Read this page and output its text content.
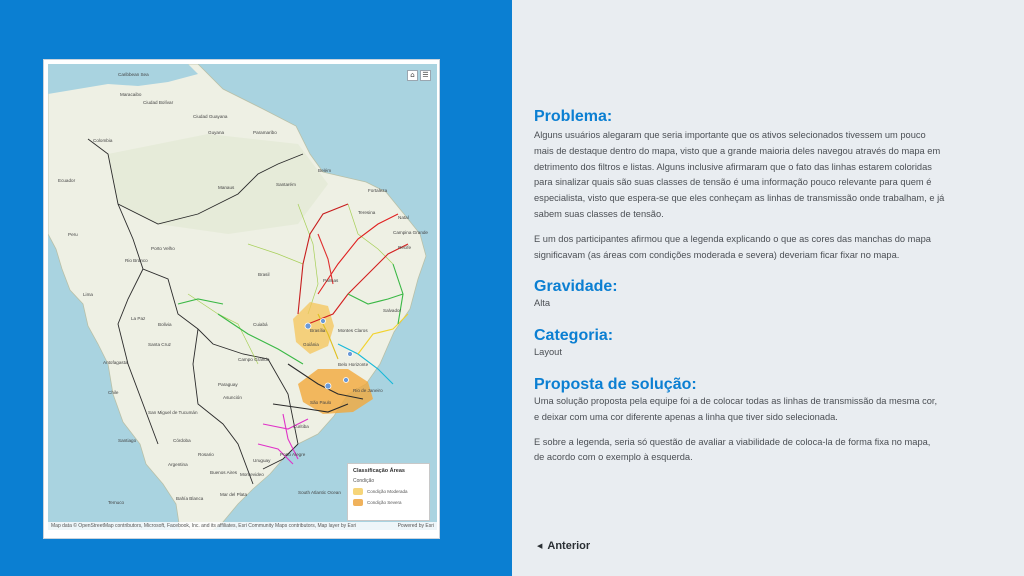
Caribbean Sea
Maracaibo
Ciudad Bolívar
Ciudad Guayana
Colombia
Guyana	Paramaribo
Ecuador
Manaus
Santarém
Belém
Teresina
Fortaleza
Natal
Campina Grande
Recife
Peru
Porto Velho
Rio Branco
Brasil
Palmas
Salvador
Lima
Bolivia	Cuiabá
La Paz
Goiânia
Brasília	Montes Claros
Santa Cruz
Campo Grande
Belo Horizonte
Paraguay
Asunción
Curitiba
Chile
São Paulo
Rio de Janeiro
Porto Alegre
Córdoba
Rosario
Santiago
Buenos Aires Montevideo
Argentina
Uruguay
Mar del Plata
Bahía Blanca
Temuco
South Atlantic Ocean
San Miguel de Tucumán
Antofagasta
⌂	☰
Classificação Áreas
Condição
Condição Moderada
Condição Severa
Map data © OpenStreetMap contributors, Microsoft, Facebook, Inc. and its affiliates, Esri Community Maps contributors, Map layer by Esri	Powered by Esri
Problema:
Alguns usuários alegaram que seria importante que os ativos selecionados tivessem um pouco
mais de destaque dentro do mapa, visto que a grande maioria deles navegou através do mapa em
detrimento dos filtros e listas. Alguns inclusive afirmaram que o fato das linhas estarem coloridas
para sinalizar quais são suas classes de tensão é uma informação pouco relevante para quem é
especialista, visto que espera-se que eles conheçam as linhas de transmissão onde trabalham, e já
sabem suas classes de tensão.
E um dos participantes afirmou que a legenda explicando o que as cores das manchas do mapa
significavam (as áreas com condições moderada e severa) deveriam ficar fixar no mapa.
Gravidade:
Alta
Categoria:
Layout
Proposta de solução:
Uma solução proposta pela equipe foi a de colocar todas as linhas de transmissão da mesma cor,
e deixar com uma cor diferente apenas a linha que tiver sido selecionada.
E sobre a legenda, seria só questão de avaliar a viabilidade de coloca-la de forma fixa no mapa,
de acordo com o exemplo à esquerda.
◀ Anterior
